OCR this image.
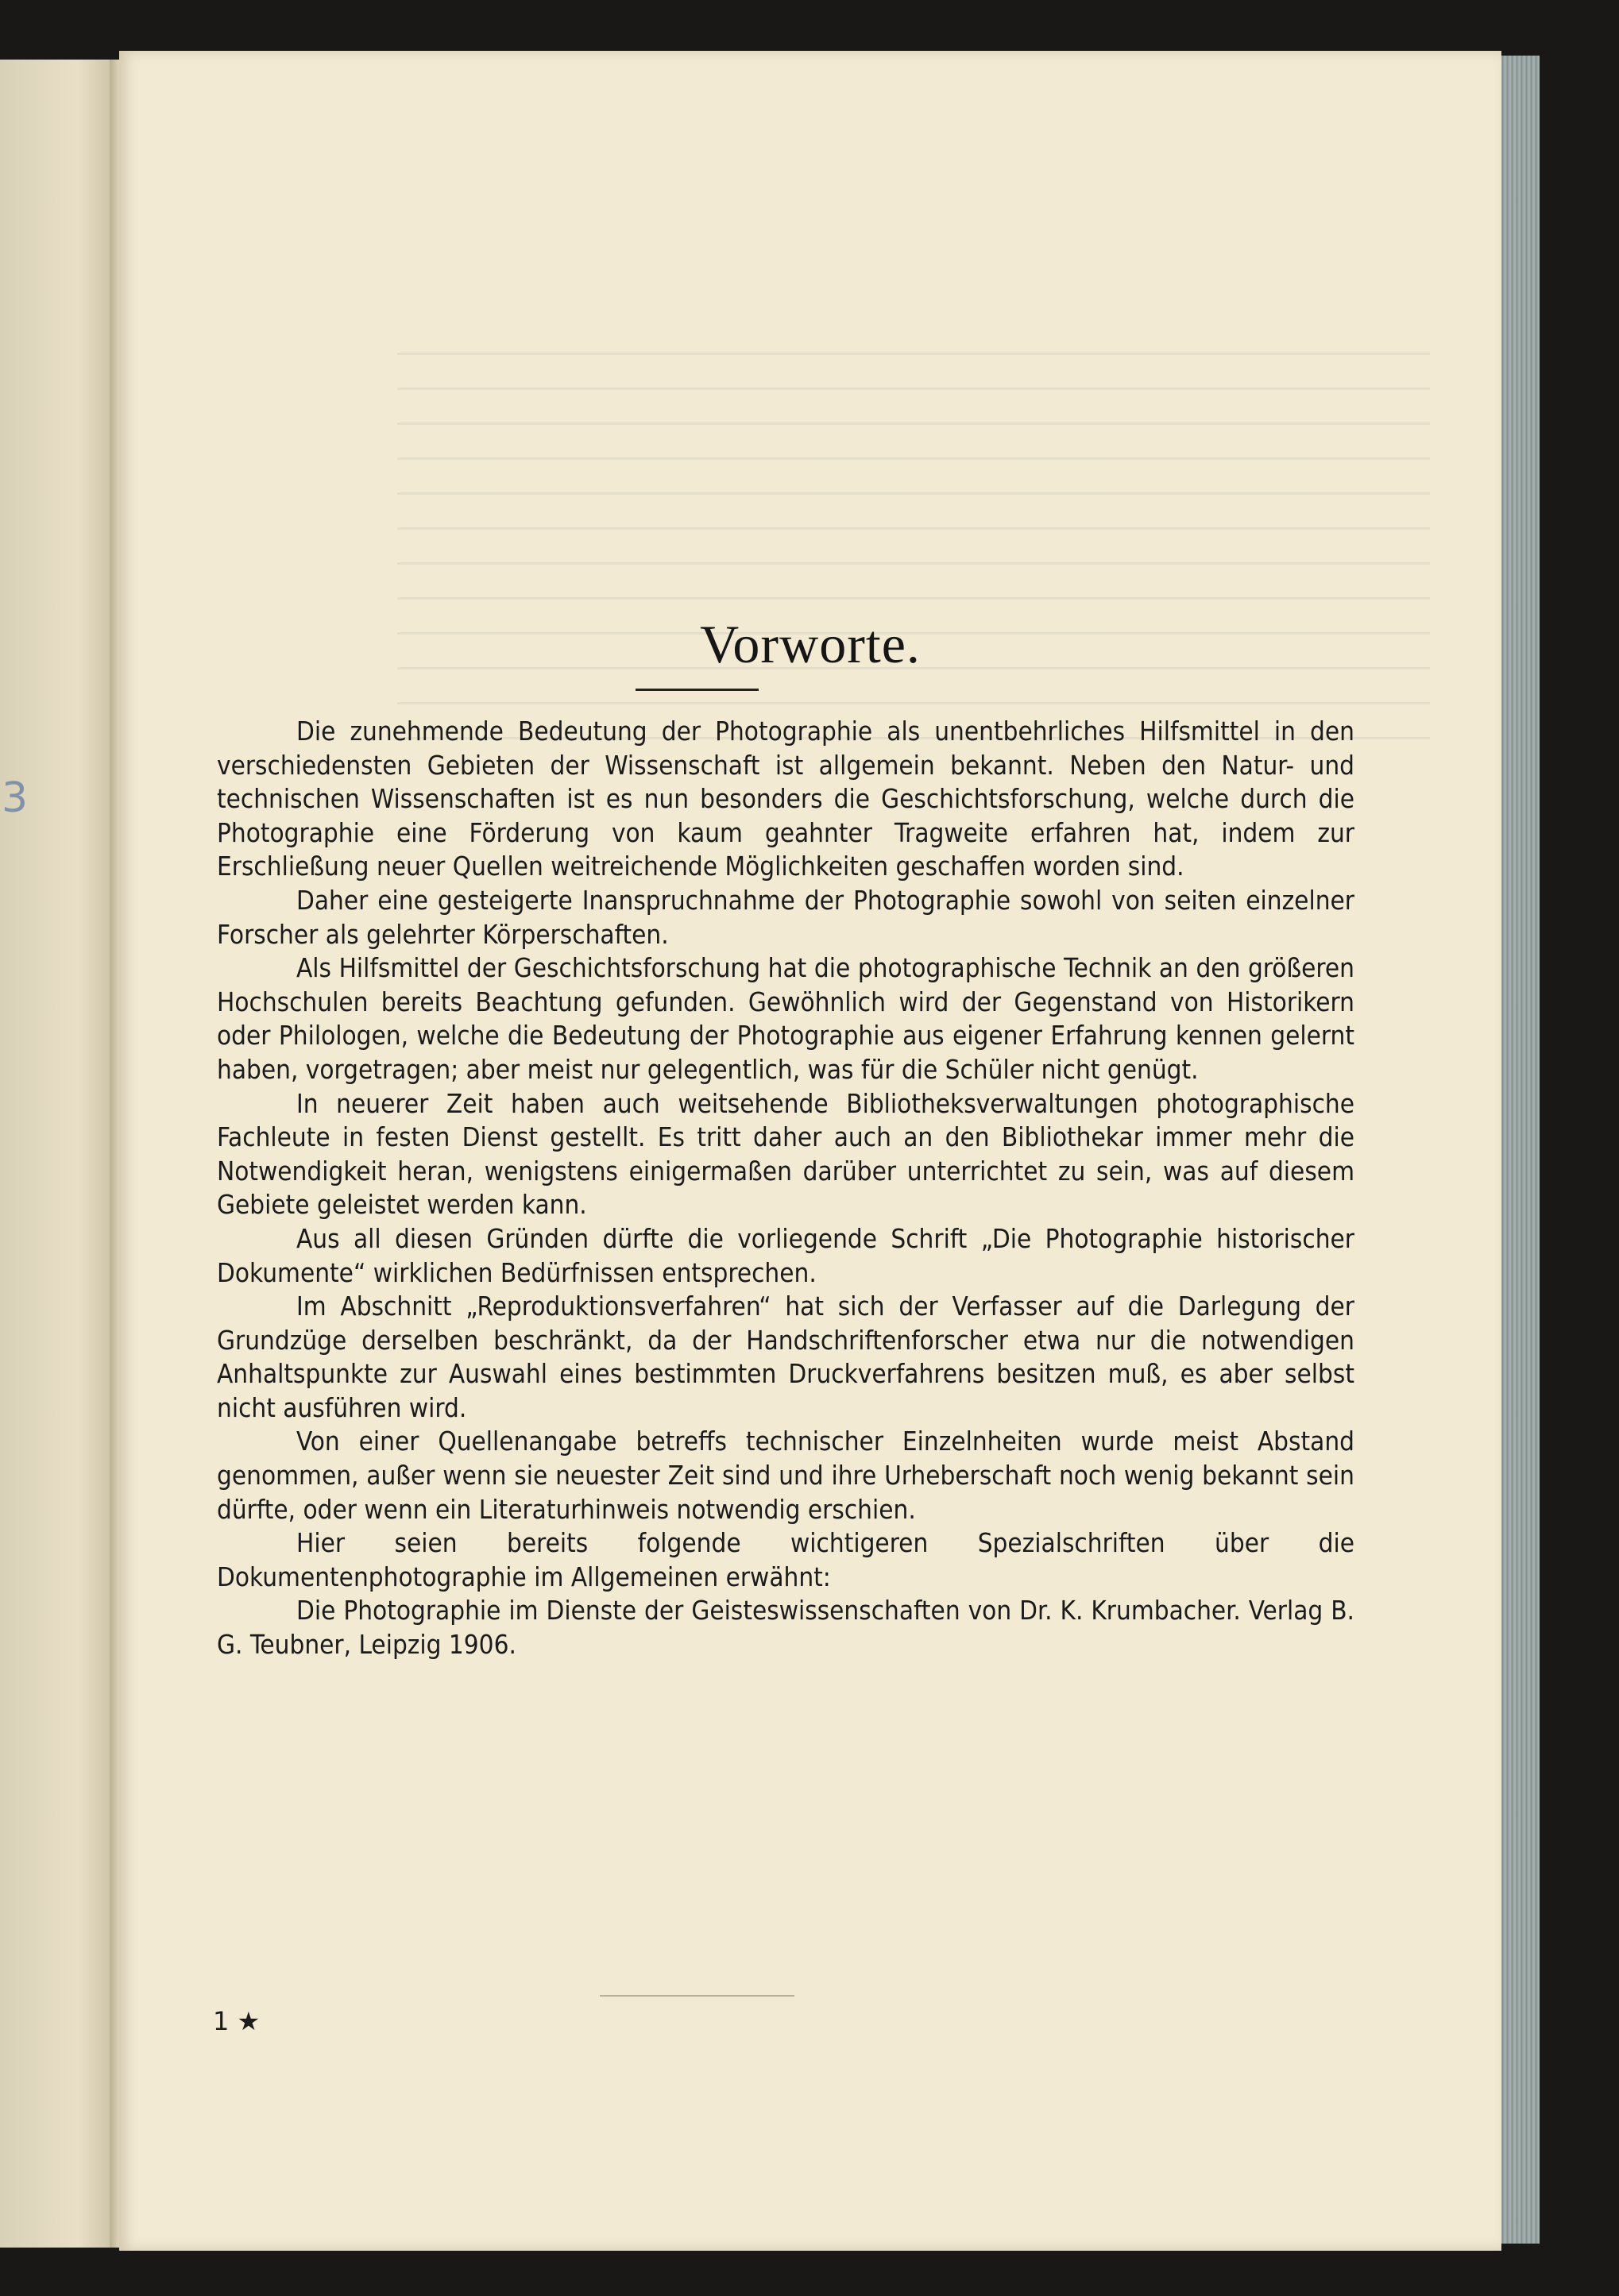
3
Vorworte.

Die zunehmende Bedeutung der Photographie als unentbehrliches Hilfsmittel in den verschiedensten Gebieten der Wissenschaft ist allgemein bekannt. Neben den Natur- und technischen Wissenschaften ist es nun besonders die Geschichtsforschung, welche durch die Photographie eine Förderung von kaum geahnter Tragweite erfahren hat, indem zur Erschließung neuer Quellen weitreichende Möglichkeiten geschaffen worden sind.

Daher eine gesteigerte Inanspruchnahme der Photographie sowohl von seiten einzelner Forscher als gelehrter Körperschaften.

Als Hilfsmittel der Geschichtsforschung hat die photographische Technik an den größeren Hochschulen bereits Beachtung gefunden. Gewöhnlich wird der Gegenstand von Historikern oder Philologen, welche die Bedeutung der Photographie aus eigener Erfahrung kennen gelernt haben, vorgetragen; aber meist nur gelegentlich, was für die Schüler nicht genügt.

In neuerer Zeit haben auch weitsehende Bibliotheksverwaltungen photographische Fachleute in festen Dienst gestellt. Es tritt daher auch an den Bibliothekar immer mehr die Notwendigkeit heran, wenigstens einigermaßen darüber unterrichtet zu sein, was auf diesem Gebiete geleistet werden kann.

Aus all diesen Gründen dürfte die vorliegende Schrift „Die Photographie historischer Dokumente“ wirklichen Bedürfnissen entsprechen.

Im Abschnitt „Reproduktionsverfahren“ hat sich der Verfasser auf die Darlegung der Grundzüge derselben beschränkt, da der Handschriftenforscher etwa nur die notwendigen Anhaltspunkte zur Auswahl eines bestimmten Druckverfahrens besitzen muß, es aber selbst nicht ausführen wird.

Von einer Quellenangabe betreffs technischer Einzelnheiten wurde meist Abstand genommen, außer wenn sie neuester Zeit sind und ihre Urheberschaft noch wenig bekannt sein dürfte, oder wenn ein Literaturhinweis notwendig erschien.

Hier seien bereits folgende wichtigeren Spezialschriften über die Dokumentenphotographie im Allgemeinen erwähnt:

Die Photographie im Dienste der Geisteswissenschaften von Dr. K. Krumbacher. Verlag B. G. Teubner, Leipzig 1906.

1 ★
